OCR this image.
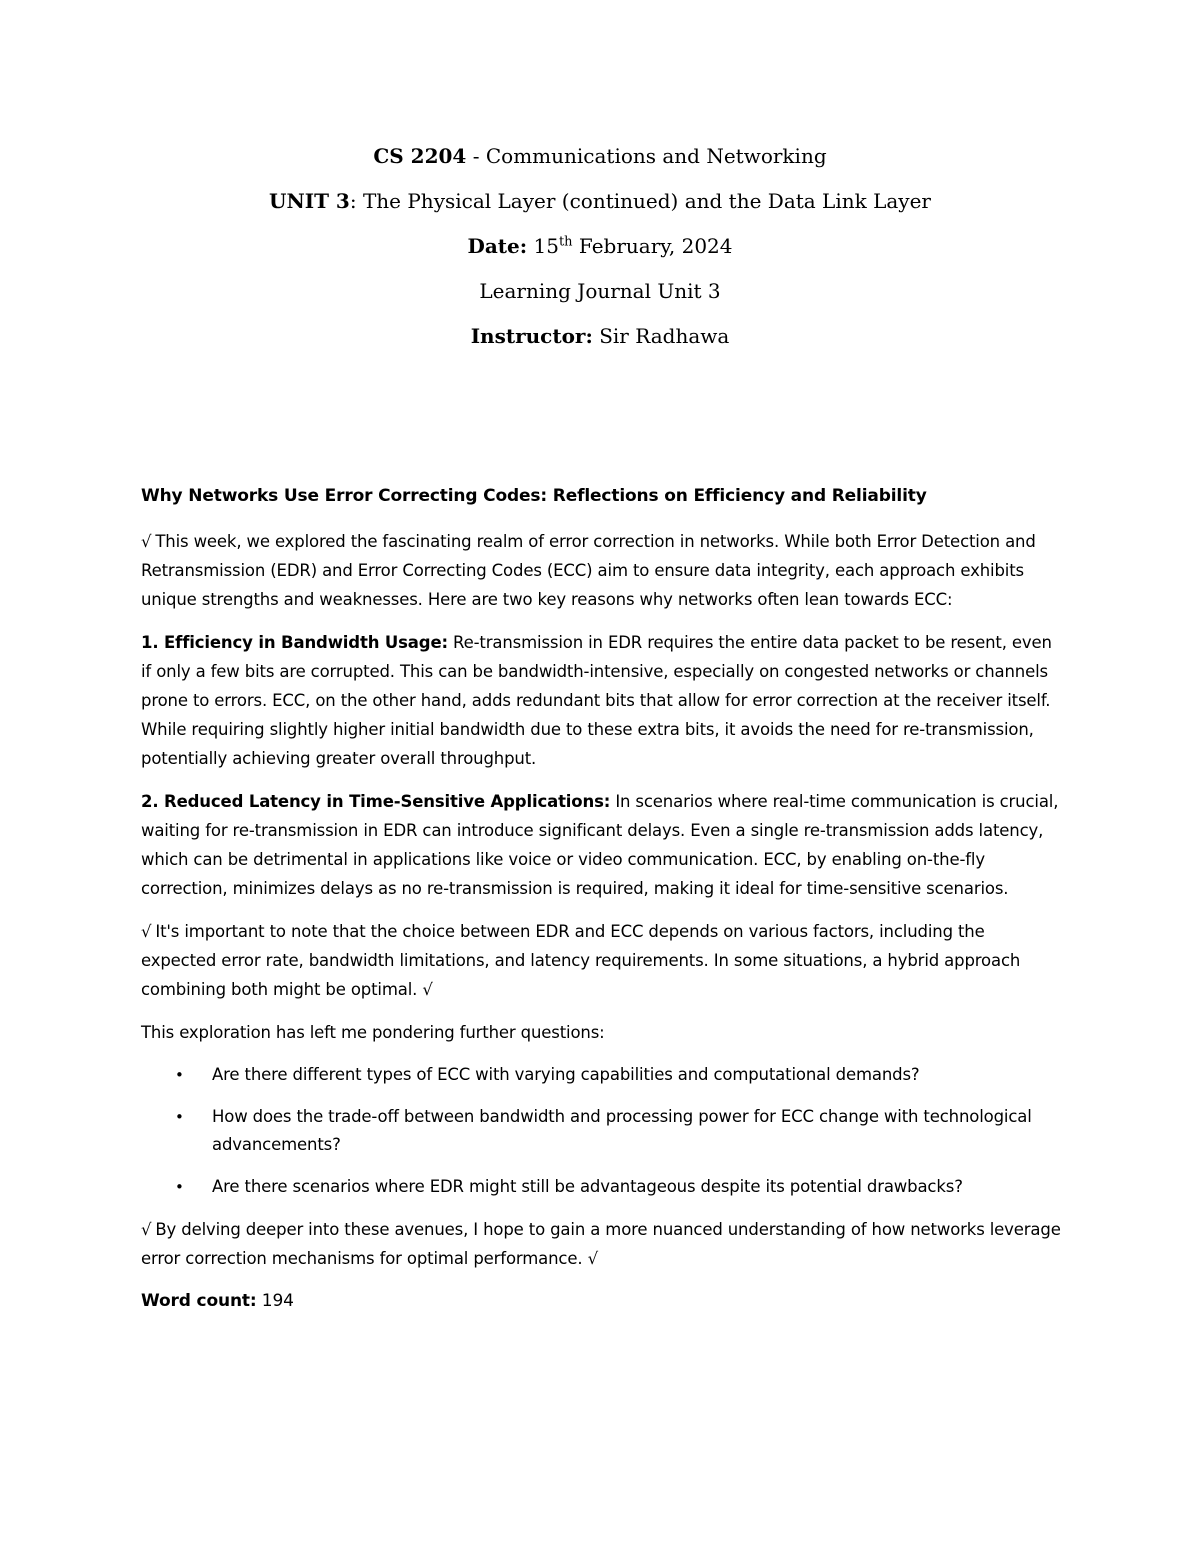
CS 2204 - Communications and Networking
UNIT 3: The Physical Layer (continued) and the Data Link Layer
Date: 15th February, 2024
Learning Journal Unit 3
Instructor: Sir Radhawa
Why Networks Use Error Correcting Codes: Reflections on Efficiency and Reliability

√ This week, we explored the fascinating realm of error correction in networks. While both Error Detection and Retransmission (EDR) and Error Correcting Codes (ECC) aim to ensure data integrity, each approach exhibits unique strengths and weaknesses. Here are two key reasons why networks often lean towards ECC:

1. Efficiency in Bandwidth Usage: Re-transmission in EDR requires the entire data packet to be resent, even if only a few bits are corrupted. This can be bandwidth-intensive, especially on congested networks or channels prone to errors. ECC, on the other hand, adds redundant bits that allow for error correction at the receiver itself. While requiring slightly higher initial bandwidth due to these extra bits, it avoids the need for re-transmission, potentially achieving greater overall throughput.

2. Reduced Latency in Time-Sensitive Applications: In scenarios where real-time communication is crucial, waiting for re-transmission in EDR can introduce significant delays. Even a single re-transmission adds latency, which can be detrimental in applications like voice or video communication. ECC, by enabling on-the-fly correction, minimizes delays as no re-transmission is required, making it ideal for time-sensitive scenarios.

√ It's important to note that the choice between EDR and ECC depends on various factors, including the expected error rate, bandwidth limitations, and latency requirements. In some situations, a hybrid approach combining both might be optimal. √

This exploration has left me pondering further questions:

• Are there different types of ECC with varying capabilities and computational demands?
• How does the trade-off between bandwidth and processing power for ECC change with technological advancements?
• Are there scenarios where EDR might still be advantageous despite its potential drawbacks?

√ By delving deeper into these avenues, I hope to gain a more nuanced understanding of how networks leverage error correction mechanisms for optimal performance. √

Word count: 194
